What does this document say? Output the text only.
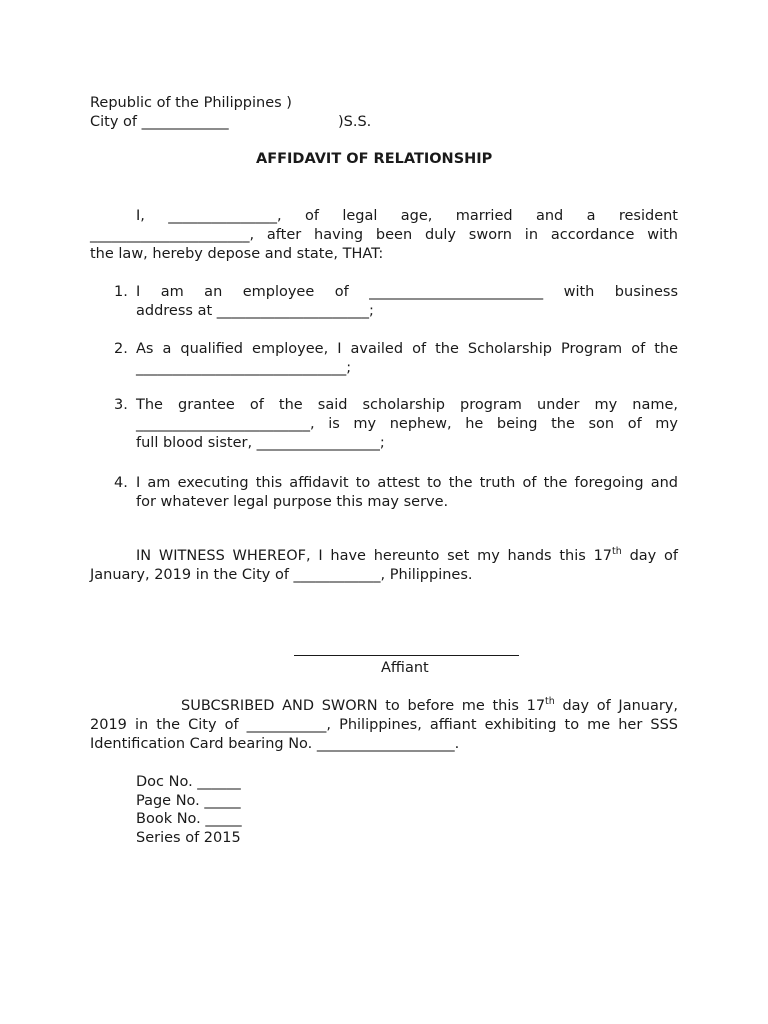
Republic of the Philippines )
City of ____________	)S.S.
AFFIDAVIT OF RELATIONSHIP
I,  _______________,  of  legal  age,  married  and  a  resident
______________________, after having been duly sworn in accordance with
the law, hereby depose and state, THAT:
1. I am an employee of ________________________ with business
address at _____________________;
2. As a qualified employee, I availed of the Scholarship Program of the
_____________________________;
3. The grantee of the said scholarship program under my name,
________________________, is my nephew, he being the son of my
full blood sister, _________________;
4. I am executing this affidavit to attest to the truth of the foregoing and
for whatever legal purpose this may serve.
IN WITNESS WHEREOF, I have hereunto set my hands this 17th day of
January, 2019 in the City of ____________, Philippines.
Affiant
SUBCSRIBED AND SWORN to before me this 17th day of January,
2019 in the City of ___________, Philippines, affiant exhibiting to me her SSS
Identification Card bearing No. ___________________.
Doc No. ______
Page No. _____
Book No. _____
Series of 2015
